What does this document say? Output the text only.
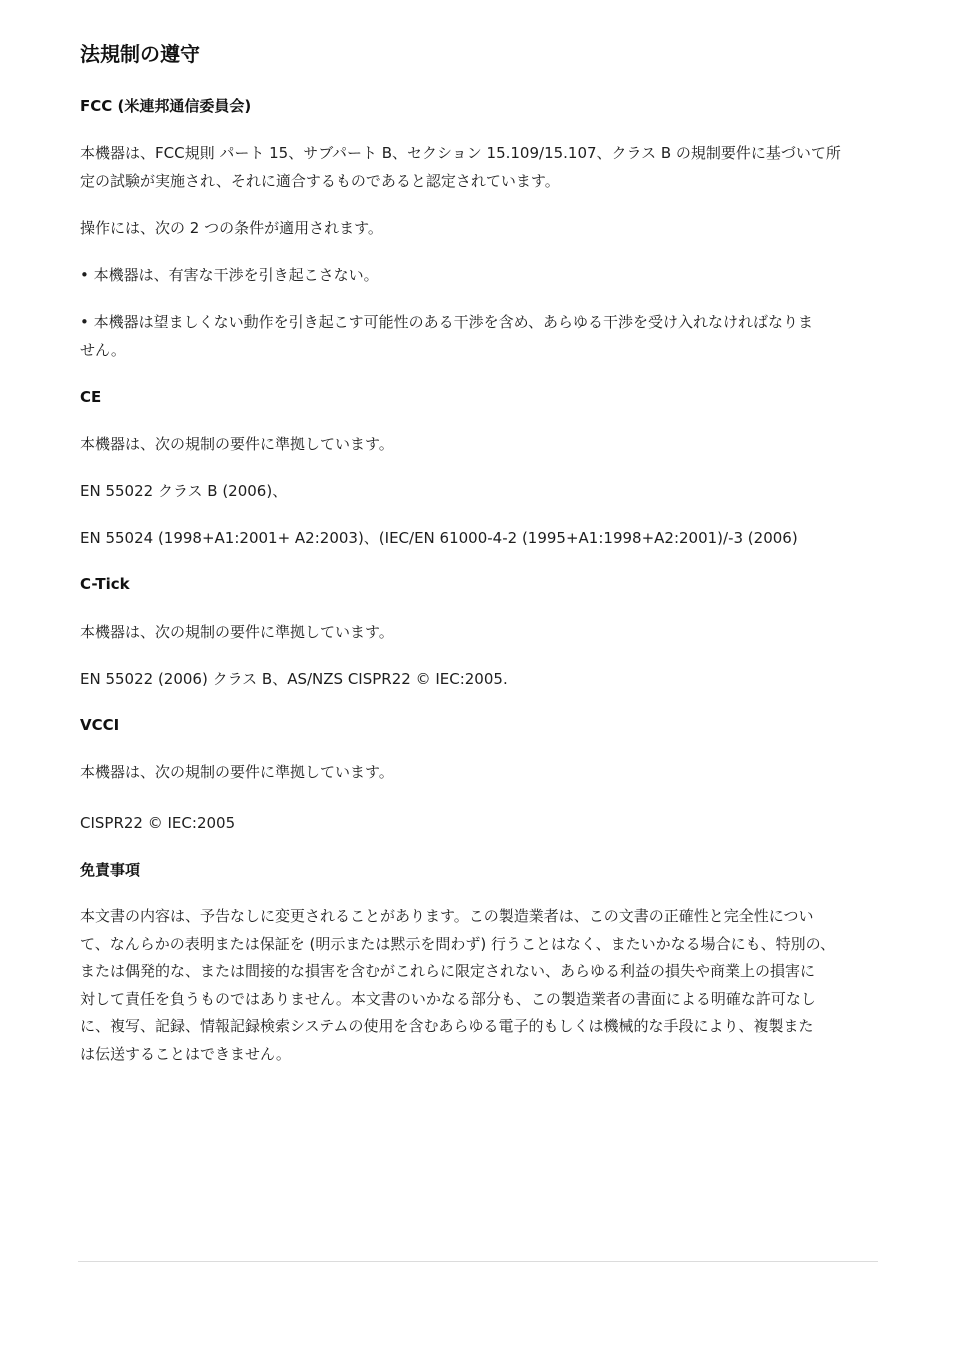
法規制の遵守
FCC (米連邦通信委員会)
本機器は、FCC規則 パート 15、サブパート B、セクション 15.109/15.107、クラス B の規制要件に基づいて所
定の試験が実施され、それに適合するものであると認定されています。
操作には、次の 2 つの条件が適用されます。
• 本機器は、有害な干渉を引き起こさない。
• 本機器は望ましくない動作を引き起こす可能性のある干渉を含め、あらゆる干渉を受け入れなければなりま
せん。
CE
本機器は、次の規制の要件に準拠しています。
EN 55022 クラス B (2006)、
EN 55024 (1998+A1:2001+ A2:2003)、(IEC/EN 61000-4-2 (1995+A1:1998+A2:2001)/-3 (2006)
C-Tick
本機器は、次の規制の要件に準拠しています。
EN 55022 (2006) クラス B、AS/NZS CISPR22 © IEC:2005.
VCCI
本機器は、次の規制の要件に準拠しています。
CISPR22 © IEC:2005
免責事項
本文書の内容は、予告なしに変更されることがあります。この製造業者は、この文書の正確性と完全性につい
て、なんらかの表明または保証を (明示または黙示を問わず) 行うことはなく、またいかなる場合にも、特別の、
または偶発的な、または間接的な損害を含むがこれらに限定されない、あらゆる利益の損失や商業上の損害に
対して責任を負うものではありません。本文書のいかなる部分も、この製造業者の書面による明確な許可なし
に、複写、記録、情報記録検索システムの使用を含むあらゆる電子的もしくは機械的な手段により、複製また
は伝送することはできません。
